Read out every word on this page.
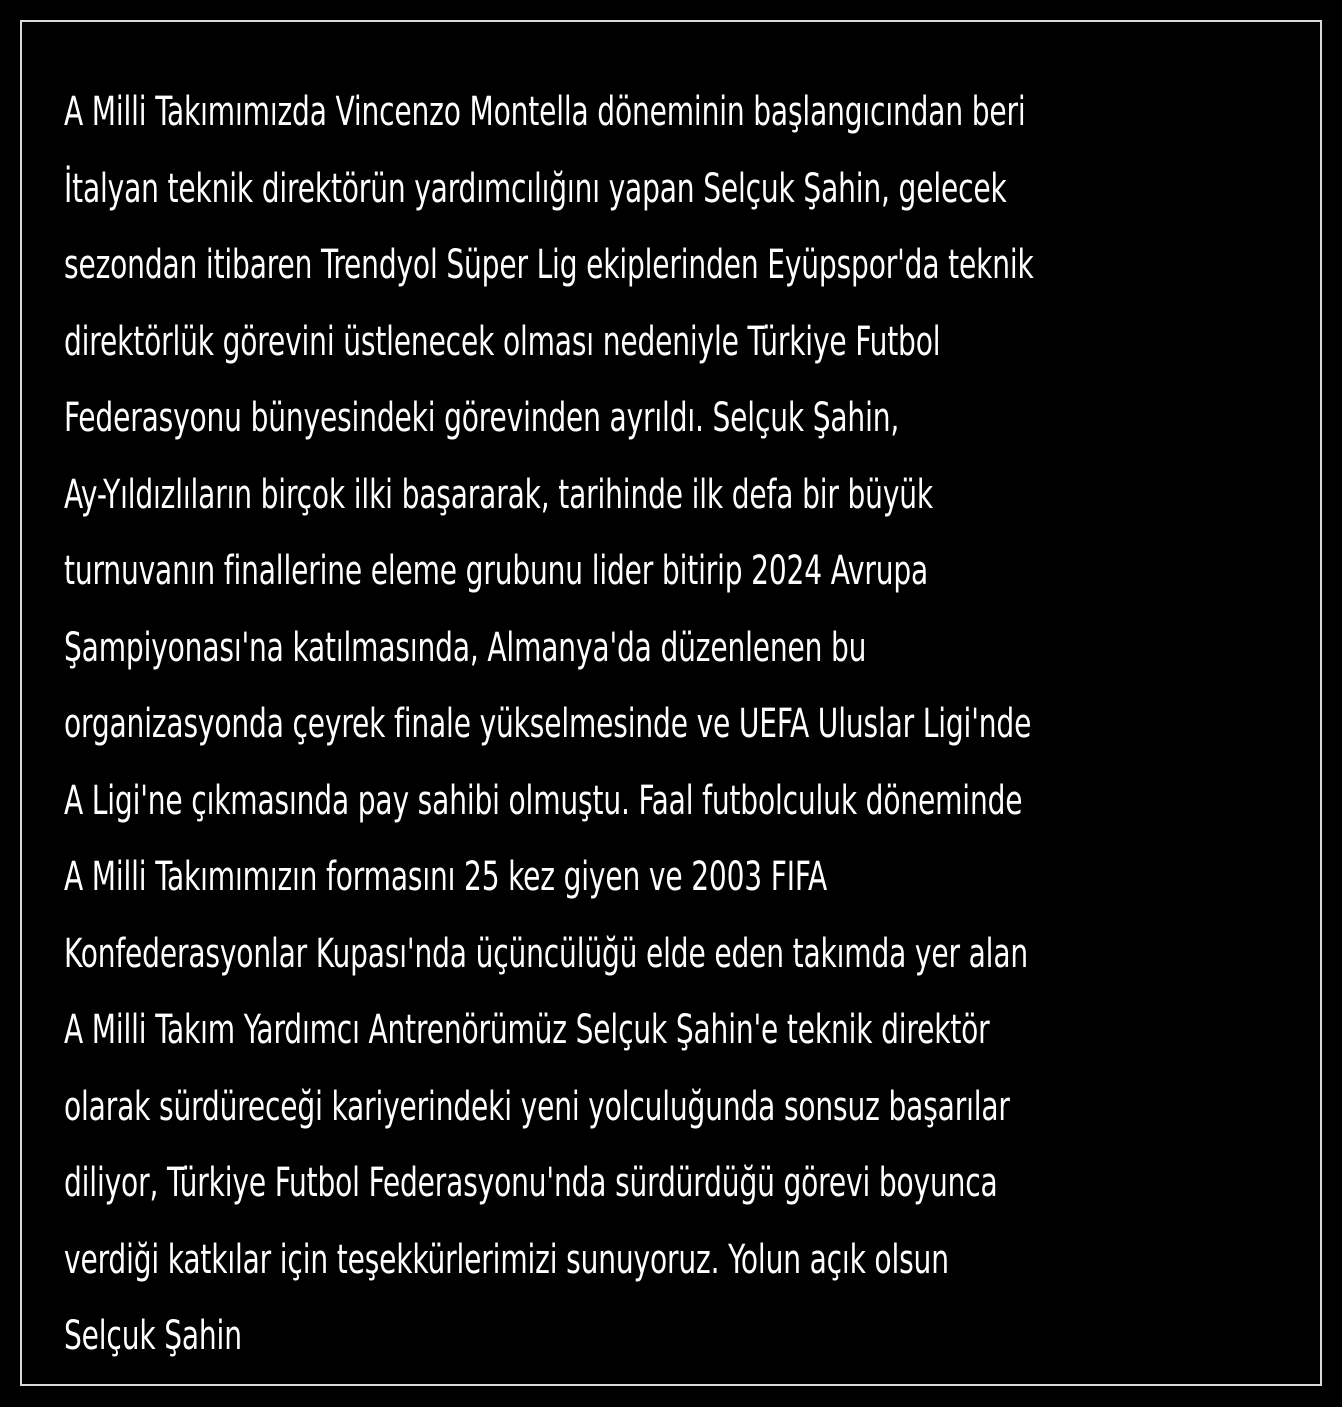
A Milli Takımımızda Vincenzo Montella döneminin başlangıcından beri
İtalyan teknik direktörün yardımcılığını yapan Selçuk Şahin, gelecek
sezondan itibaren Trendyol Süper Lig ekiplerinden Eyüpspor'da teknik
direktörlük görevini üstlenecek olması nedeniyle Türkiye Futbol
Federasyonu bünyesindeki görevinden ayrıldı. Selçuk Şahin,
Ay-Yıldızlıların birçok ilki başararak, tarihinde ilk defa bir büyük
turnuvanın finallerine eleme grubunu lider bitirip 2024 Avrupa
Şampiyonası'na katılmasında, Almanya'da düzenlenen bu
organizasyonda çeyrek finale yükselmesinde ve UEFA Uluslar Ligi'nde
A Ligi'ne çıkmasında pay sahibi olmuştu. Faal futbolculuk döneminde
A Milli Takımımızın formasını 25 kez giyen ve 2003 FIFA
Konfederasyonlar Kupası'nda üçüncülüğü elde eden takımda yer alan
A Milli Takım Yardımcı Antrenörümüz Selçuk Şahin'e teknik direktör
olarak sürdüreceği kariyerindeki yeni yolculuğunda sonsuz başarılar
diliyor, Türkiye Futbol Federasyonu'nda sürdürdüğü görevi boyunca
verdiği katkılar için teşekkürlerimizi sunuyoruz. Yolun açık olsun
Selçuk Şahin
